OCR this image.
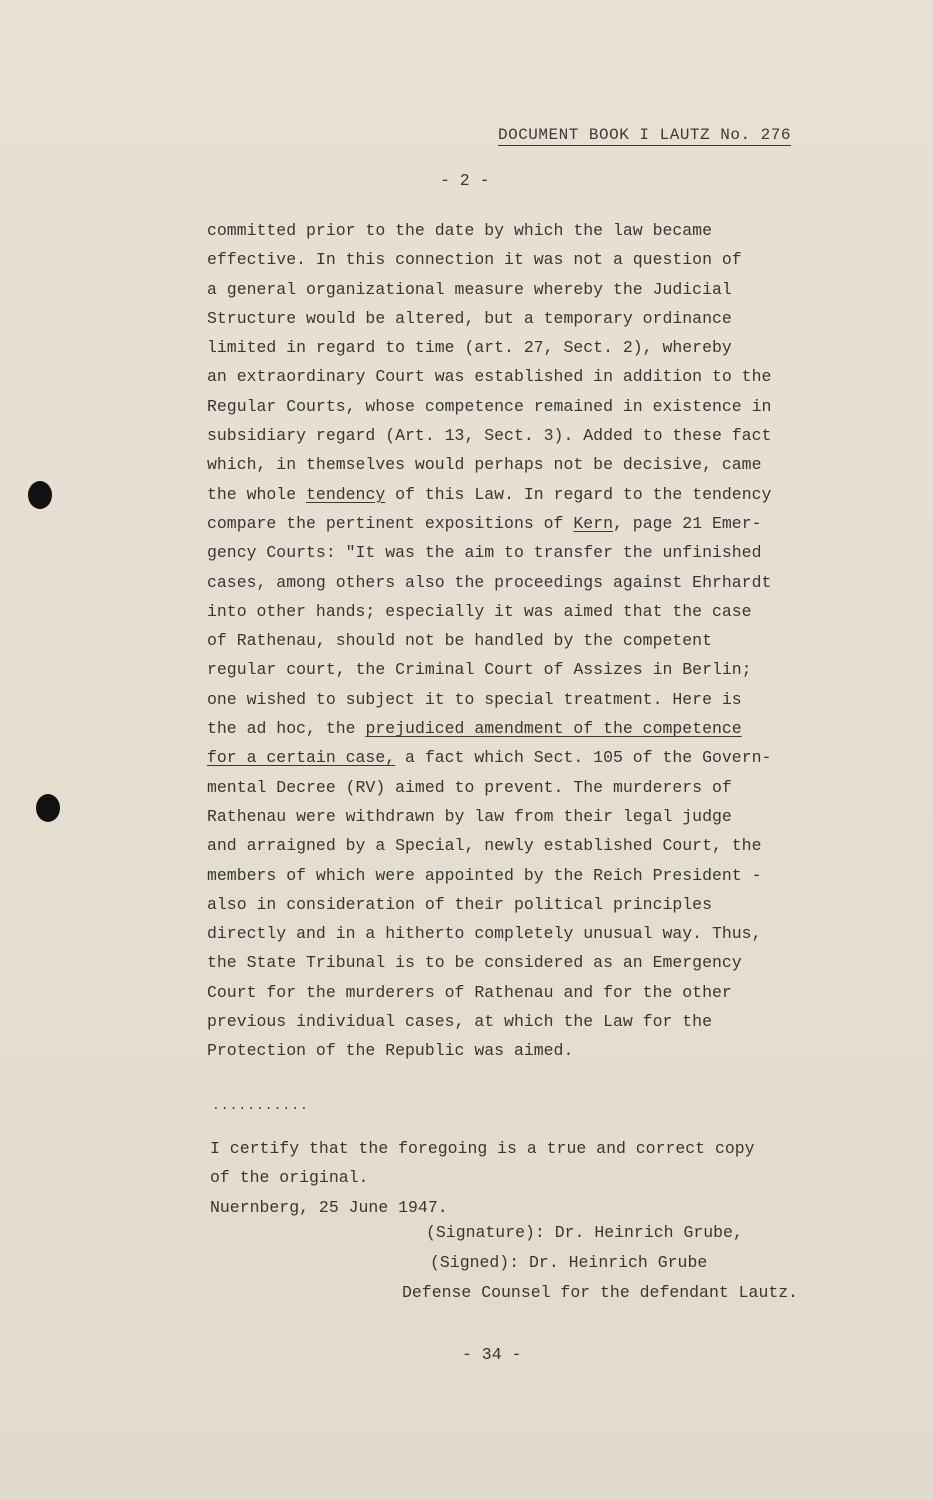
DOCUMENT BOOK I LAUTZ No. 276
- 2 -
committed prior to the date by which the law became
effective. In this connection it was not a question of
a general organizational measure whereby the Judicial
Structure would be altered, but a temporary ordinance
limited in regard to time (art. 27, Sect. 2), whereby
an extraordinary Court was established in addition to the
Regular Courts, whose competence remained in existence in
subsidiary regard (Art. 13, Sect. 3). Added to these fact
which, in themselves would perhaps not be decisive, came
the whole tendency of this Law. In regard to the tendency
compare the pertinent expositions of Kern, page 21 Emer-
gency Courts: "It was the aim to transfer the unfinished
cases, among others also the proceedings against Ehrhardt
into other hands; especially it was aimed that the case
of Rathenau, should not be handled by the competent
regular court, the Criminal Court of Assizes in Berlin;
one wished to subject it to special treatment. Here is
the ad hoc, the prejudiced amendment of the competence
for a certain case, a fact which Sect. 105 of the Govern-
mental Decree (RV) aimed to prevent. The murderers of
Rathenau were withdrawn by law from their legal judge
and arraigned by a Special, newly established Court, the
members of which were appointed by the Reich President -
also in consideration of their political principles
directly and in a hitherto completely unusual way. Thus,
the State Tribunal is to be considered as an Emergency
Court for the murderers of Rathenau and for the other
previous individual cases, at which the Law for the
Protection of the Republic was aimed.
...........
I certify that the foregoing is a true and correct copy
of the original.
Nuernberg, 25 June 1947.
(Signature): Dr. Heinrich Grube,
(Signed): Dr. Heinrich Grube
Defense Counsel for the defendant Lautz.
- 34 -
